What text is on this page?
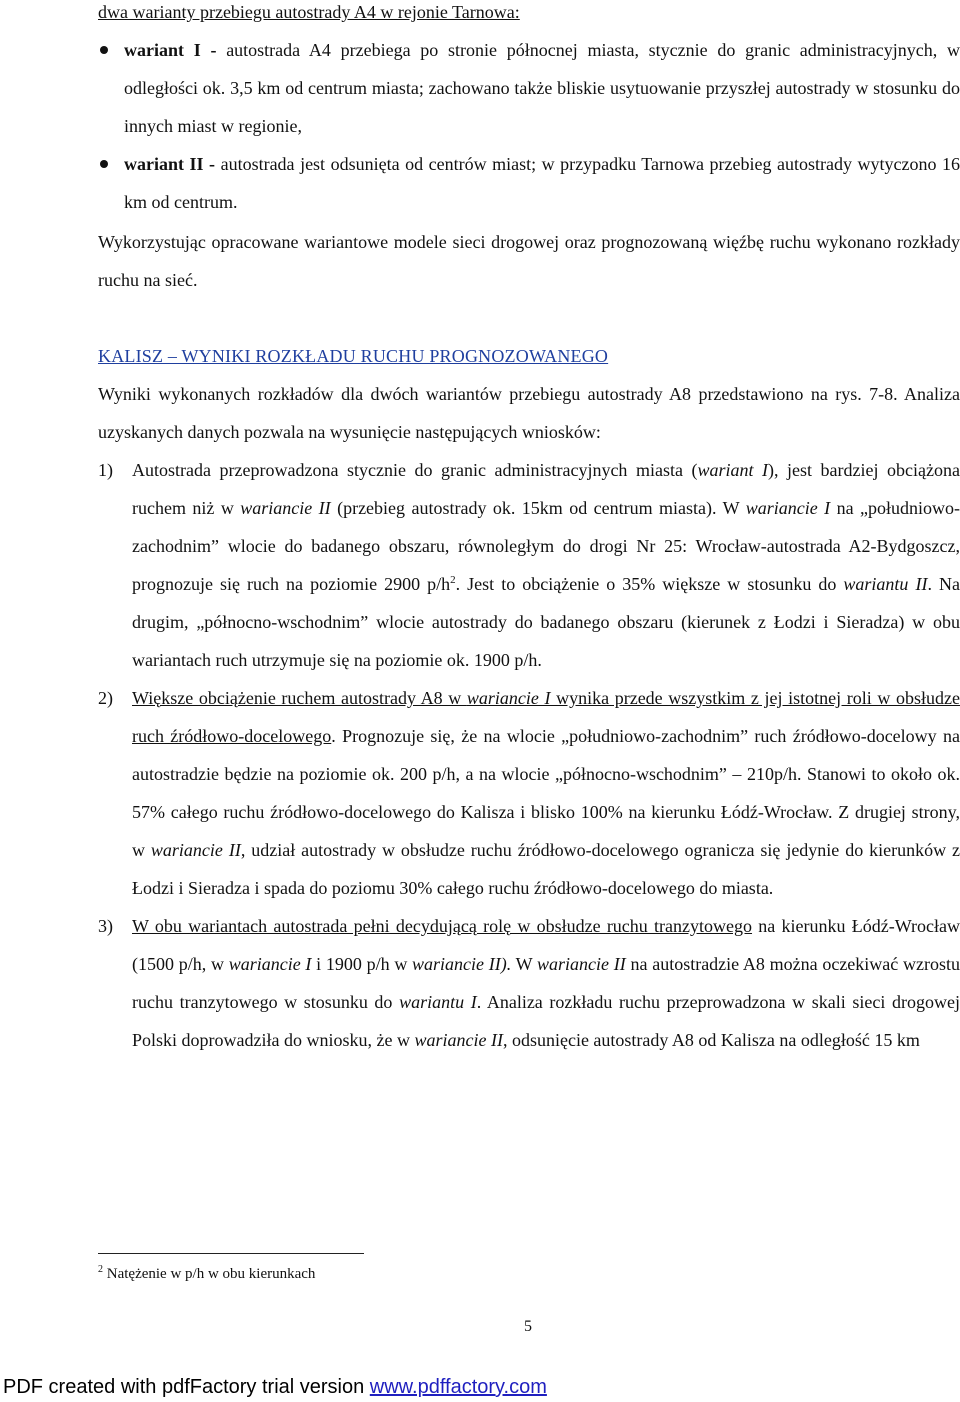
dwa warianty przebiegu autostrady A4 w rejonie Tarnowa:
wariant I - autostrada A4 przebiega po stronie północnej miasta, stycznie do granic administracyjnych, w odległości ok. 3,5 km od centrum miasta; zachowano także bliskie usytuowanie przyszłej autostrady w stosunku do innych miast w regionie,
wariant II - autostrada jest odsunięta od centrów miast; w przypadku Tarnowa przebieg autostrady wytyczono 16 km od centrum.
Wykorzystując opracowane wariantowe modele sieci drogowej oraz prognozowaną więźbę ruchu wykonano rozkłady ruchu na sieć.
KALISZ – WYNIKI ROZKŁADU RUCHU PROGNOZOWANEGO
Wyniki wykonanych rozkładów dla dwóch wariantów przebiegu autostrady A8 przedstawiono na rys. 7-8. Analiza uzyskanych danych pozwala na wysunięcie następujących wniosków:
1) Autostrada przeprowadzona stycznie do granic administracyjnych miasta (wariant I), jest bardziej obciążona ruchem niż w wariancie II (przebieg autostrady ok. 15km od centrum miasta). W wariancie I na „południowo-zachodnim” wlocie do badanego obszaru, równoległym do drogi Nr 25: Wrocław-autostrada A2-Bydgoszcz, prognozuje się ruch na poziomie 2900 $p/h^2$. Jest to obciążenie o 35% większe w stosunku do wariantu II. Na drugim, „północno-wschodnim” wlocie autostrady do badanego obszaru (kierunek z Łodzi i Sieradza) w obu wariantach ruch utrzymuje się na poziomie ok. 1900 p/h.
2) Większe obciążenie ruchem autostrady A8 w wariancie I wynika przede wszystkim z jej istotnej roli w obsłudze ruch źródłowo-docelowego. Prognozuje się, że na wlocie „południowo-zachodnim” ruch źródłowo-docelowy na autostradzie będzie na poziomie ok. 200 p/h, a na wlocie „północno-wschodnim” – 210p/h. Stanowi to około ok. 57% całego ruchu źródłowo-docelowego do Kalisza i blisko 100% na kierunku Łódź-Wrocław. Z drugiej strony, w wariancie II, udział autostrady w obsłudze ruchu źródłowo-docelowego ogranicza się jedynie do kierunków z Łodzi i Sieradza i spada do poziomu 30% całego ruchu źródłowo-docelowego do miasta.
3) W obu wariantach autostrada pełni decydującą rolę w obsłudze ruchu tranzytowego na kierunku Łódź-Wrocław (1500 p/h, w wariancie I i 1900 p/h w wariancie II). W wariancie II na autostradzie A8 można oczekiwać wzrostu ruchu tranzytowego w stosunku do wariantu I. Analiza rozkładu ruchu przeprowadzona w skali sieci drogowej Polski doprowadziła do wniosku, że w wariancie II, odsunięcie autostrady A8 od Kalisza na odległość 15 km
$^2$ Natężenie w p/h w obu kierunkach
5
PDF created with pdfFactory trial version www.pdffactory.com
